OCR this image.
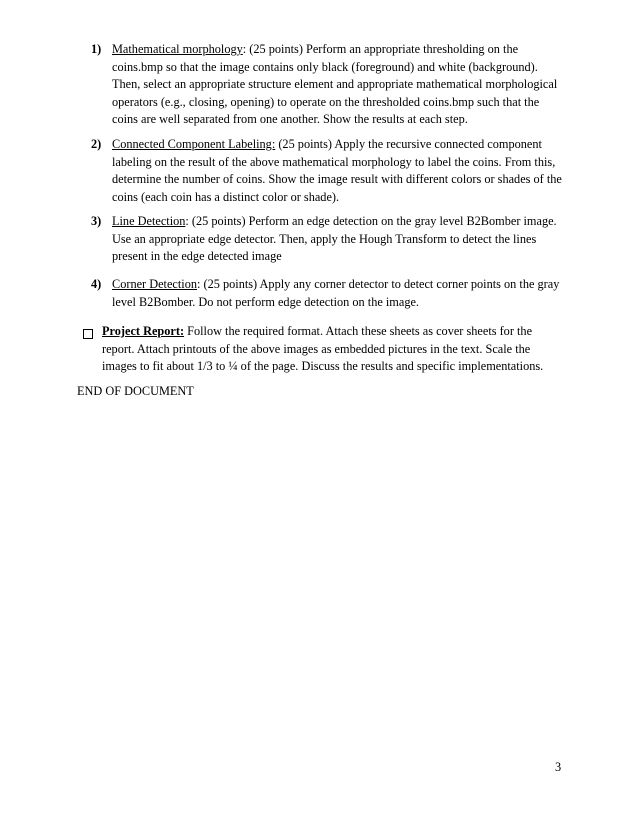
1) Mathematical morphology: (25 points) Perform an appropriate thresholding on the coins.bmp so that the image contains only black (foreground) and white (background). Then, select an appropriate structure element and appropriate mathematical morphological operators (e.g., closing, opening) to operate on the thresholded coins.bmp such that the coins are well separated from one another. Show the results at each step.
2) Connected Component Labeling: (25 points) Apply the recursive connected component labeling on the result of the above mathematical morphology to label the coins. From this, determine the number of coins. Show the image result with different colors or shades of the coins (each coin has a distinct color or shade).
3) Line Detection: (25 points) Perform an edge detection on the gray level B2Bomber image. Use an appropriate edge detector. Then, apply the Hough Transform to detect the lines present in the edge detected image
4) Corner Detection: (25 points) Apply any corner detector to detect corner points on the gray level B2Bomber. Do not perform edge detection on the image.
Project Report: Follow the required format. Attach these sheets as cover sheets for the report. Attach printouts of the above images as embedded pictures in the text. Scale the images to fit about 1/3 to ¼ of the page. Discuss the results and specific implementations.
END OF DOCUMENT
3
